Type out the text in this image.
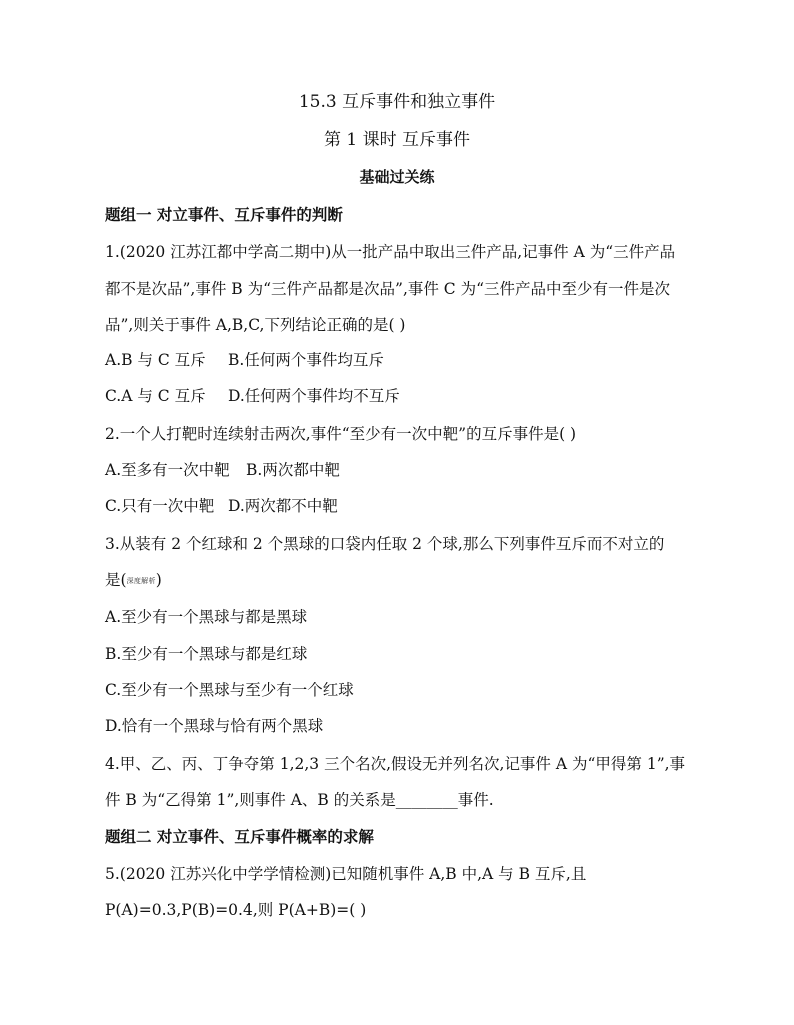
15.3 互斥事件和独立事件
第 1 课时 互斥事件
基础过关练
题组一 对立事件、互斥事件的判断
1.(2020 江苏江都中学高二期中)从一批产品中取出三件产品,记事件 A 为“三件产品
都不是次品”,事件 B 为“三件产品都是次品”,事件 C 为“三件产品中至少有一件是次
品”,则关于事件 A,B,C,下列结论正确的是( )
A.B 与 C 互斥 B.任何两个事件均互斥
C.A 与 C 互斥 D.任何两个事件均不互斥
2.一个人打靶时连续射击两次,事件“至少有一次中靶”的互斥事件是( )
A.至多有一次中靶 B.两次都中靶
C.只有一次中靶 D.两次都不中靶
3.从装有 2 个红球和 2 个黑球的口袋内任取 2 个球,那么下列事件互斥而不对立的
是(深度解析)
A.至少有一个黑球与都是黑球
B.至少有一个黑球与都是红球
C.至少有一个黑球与至少有一个红球
D.恰有一个黑球与恰有两个黑球
4.甲、乙、丙、丁争夺第 1,2,3 三个名次,假设无并列名次,记事件 A 为“甲得第 1”,事
件 B 为“乙得第 1”,则事件 A、B 的关系是________事件.
题组二 对立事件、互斥事件概率的求解
5.(2020 江苏兴化中学学情检测)已知随机事件 A,B 中,A 与 B 互斥,且
P(A)=0.3,P(B)=0.4,则 P(A+B)=( )
